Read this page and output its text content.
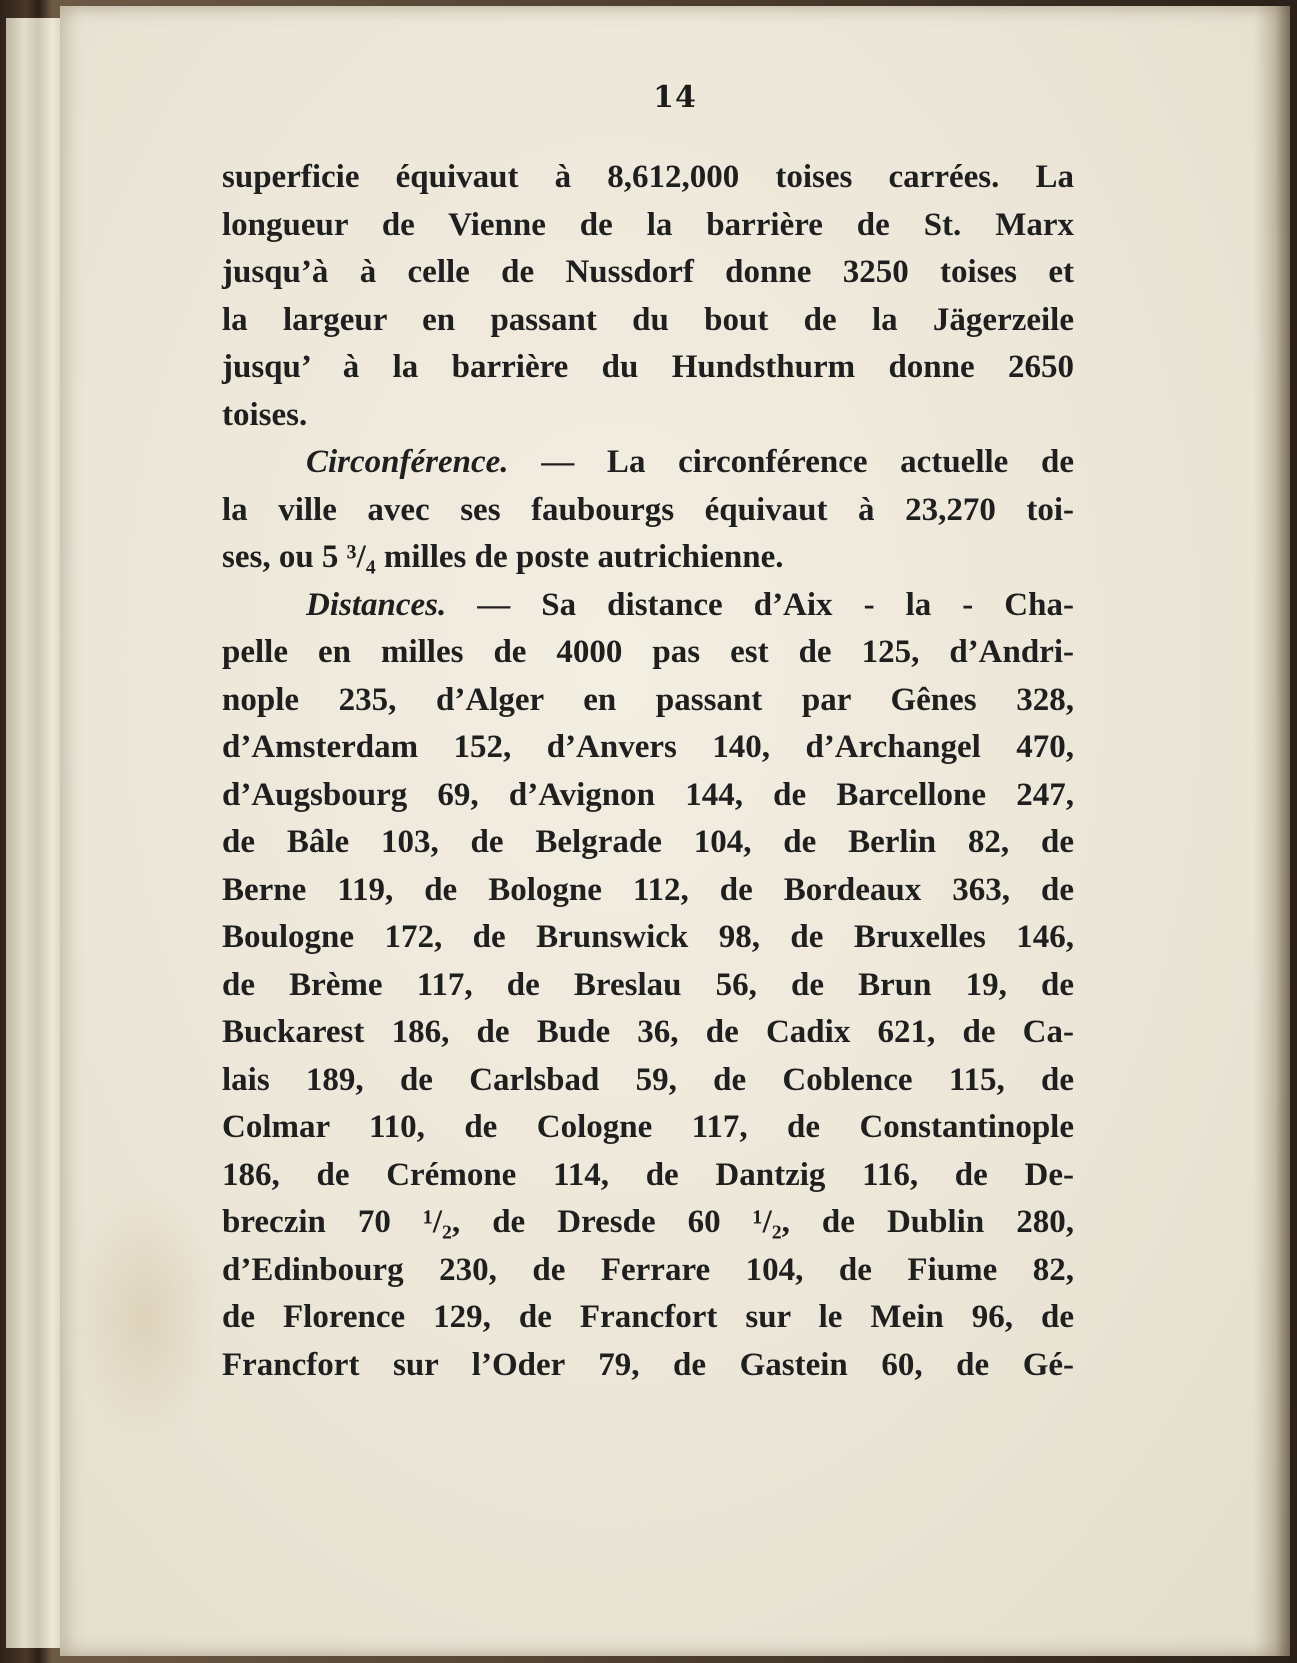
14
superficie équivaut à 8,612,000 toises carrées. La
longueur de Vienne de la barrière de St. Marx
jusqu’à à celle de Nussdorf donne 3250 toises et
la largeur en passant du bout de la Jägerzeile
jusqu’ à la barrière du Hundsthurm donne 2650
toises.
Circonférence. — La circonférence actuelle de
la ville avec ses faubourgs équivaut à 23,270 toi-
ses, ou 5 ³/₄ milles de poste autrichienne.
Distances. — Sa distance d’Aix - la - Cha-
pelle en milles de 4000 pas est de 125, d’Andri-
nople 235, d’Alger en passant par Gênes 328,
d’Amsterdam 152, d’Anvers 140, d’Archangel 470,
d’Augsbourg 69, d’Avignon 144, de Barcellone 247,
de Bâle 103, de Belgrade 104, de Berlin 82, de
Berne 119, de Bologne 112, de Bordeaux 363, de
Boulogne 172, de Brunswick 98, de Bruxelles 146,
de Brème 117, de Breslau 56, de Brun 19, de
Buckarest 186, de Bude 36, de Cadix 621, de Ca-
lais 189, de Carlsbad 59, de Coblence 115, de
Colmar 110, de Cologne 117, de Constantinople
186, de Crémone 114, de Dantzig 116, de De-
breczin 70 ¹/₂, de Dresde 60 ¹/₂, de Dublin 280,
d’Edinbourg 230, de Ferrare 104, de Fiume 82,
de Florence 129, de Francfort sur le Mein 96, de
Francfort sur l’Oder 79, de Gastein 60, de Gé-
